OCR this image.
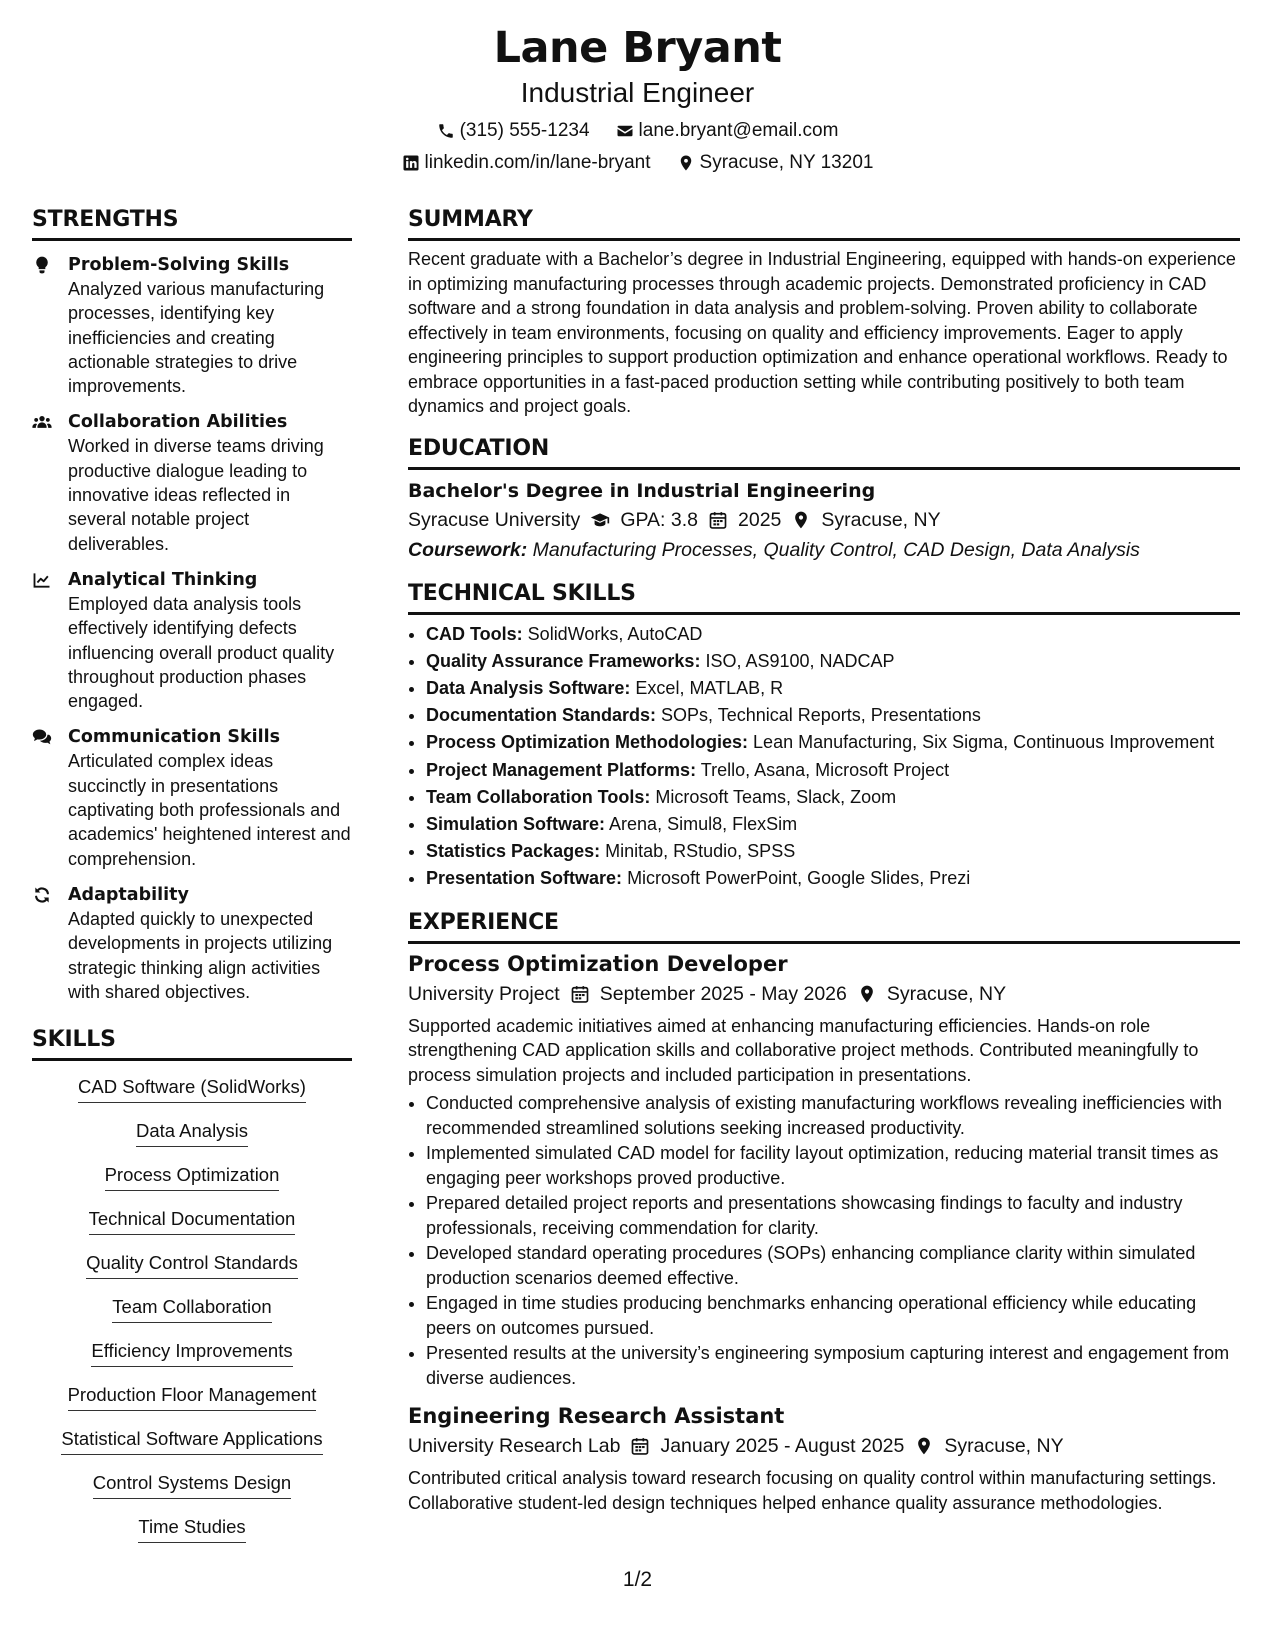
Lane Bryant
Industrial Engineer
(315) 555-1234	lane.bryant@email.com
linkedin.com/in/lane-bryant	Syracuse, NY 13201
STRENGTHS
Problem-Solving Skills
Analyzed various manufacturing processes, identifying key inefficiencies and creating actionable strategies to drive improvements.
Collaboration Abilities
Worked in diverse teams driving productive dialogue leading to innovative ideas reflected in several notable project deliverables.
Analytical Thinking
Employed data analysis tools effectively identifying defects influencing overall product quality throughout production phases engaged.
Communication Skills
Articulated complex ideas succinctly in presentations captivating both professionals and academics' heightened interest and comprehension.
Adaptability
Adapted quickly to unexpected developments in projects utilizing strategic thinking align activities with shared objectives.
SKILLS
CAD Software (SolidWorks)
Data Analysis
Process Optimization
Technical Documentation
Quality Control Standards
Team Collaboration
Efficiency Improvements
Production Floor Management
Statistical Software Applications
Control Systems Design
Time Studies
SUMMARY
Recent graduate with a Bachelor’s degree in Industrial Engineering, equipped with hands-on experience in optimizing manufacturing processes through academic projects. Demonstrated proficiency in CAD software and a strong foundation in data analysis and problem-solving. Proven ability to collaborate effectively in team environments, focusing on quality and efficiency improvements. Eager to apply engineering principles to support production optimization and enhance operational workflows. Ready to embrace opportunities in a fast-paced production setting while contributing positively to both team dynamics and project goals.
EDUCATION
Bachelor's Degree in Industrial Engineering
Syracuse University GPA: 3.8 2025 Syracuse, NY
Coursework: Manufacturing Processes, Quality Control, CAD Design, Data Analysis
TECHNICAL SKILLS
• CAD Tools: SolidWorks, AutoCAD
• Quality Assurance Frameworks: ISO, AS9100, NADCAP
• Data Analysis Software: Excel, MATLAB, R
• Documentation Standards: SOPs, Technical Reports, Presentations
• Process Optimization Methodologies: Lean Manufacturing, Six Sigma, Continuous Improvement
• Project Management Platforms: Trello, Asana, Microsoft Project
• Team Collaboration Tools: Microsoft Teams, Slack, Zoom
• Simulation Software: Arena, Simul8, FlexSim
• Statistics Packages: Minitab, RStudio, SPSS
• Presentation Software: Microsoft PowerPoint, Google Slides, Prezi
EXPERIENCE
Process Optimization Developer
University Project September 2025 - May 2026 Syracuse, NY
Supported academic initiatives aimed at enhancing manufacturing efficiencies. Hands-on role strengthening CAD application skills and collaborative project methods. Contributed meaningfully to process simulation projects and included participation in presentations.
• Conducted comprehensive analysis of existing manufacturing workflows revealing inefficiencies with recommended streamlined solutions seeking increased productivity.
• Implemented simulated CAD model for facility layout optimization, reducing material transit times as engaging peer workshops proved productive.
• Prepared detailed project reports and presentations showcasing findings to faculty and industry professionals, receiving commendation for clarity.
• Developed standard operating procedures (SOPs) enhancing compliance clarity within simulated production scenarios deemed effective.
• Engaged in time studies producing benchmarks enhancing operational efficiency while educating peers on outcomes pursued.
• Presented results at the university’s engineering symposium capturing interest and engagement from diverse audiences.
Engineering Research Assistant
University Research Lab January 2025 - August 2025 Syracuse, NY
Contributed critical analysis toward research focusing on quality control within manufacturing settings. Collaborative student-led design techniques helped enhance quality assurance methodologies.
1/2
